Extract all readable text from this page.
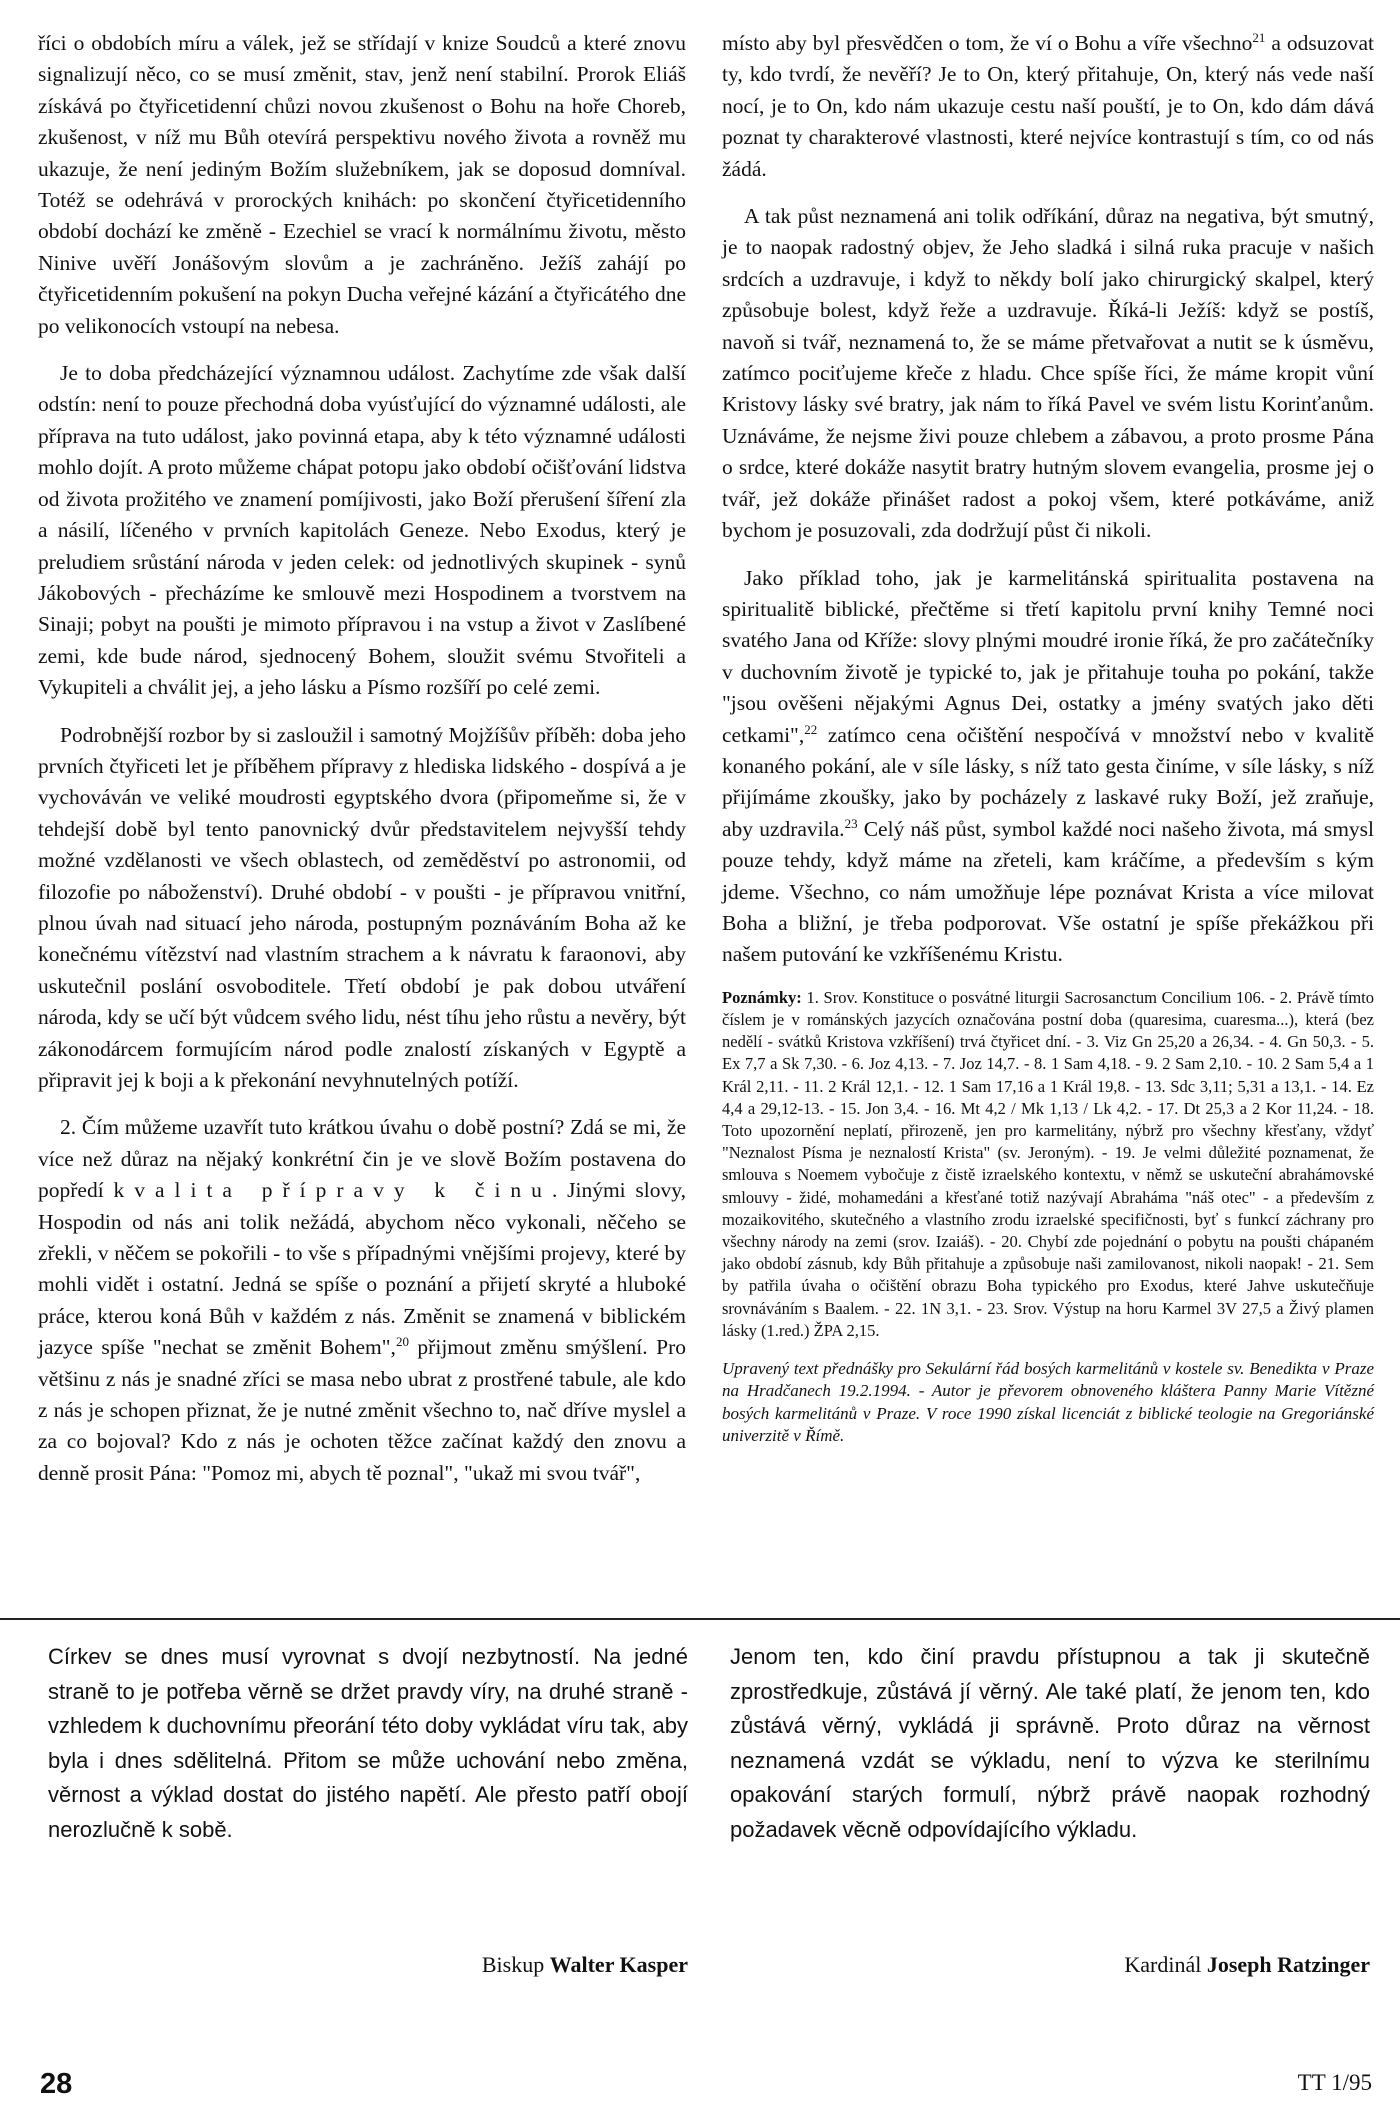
říci o obdobích míru a válek, jež se střídají v knize Soudců a které znovu signalizují něco, co se musí změnit, stav, jenž není stabilní. Prorok Eliáš získává po čtyřicetidenní chůzi novou zkušenost o Bohu na hoře Choreb, zkušenost, v níž mu Bůh otevírá perspektivu nového života a rovněž mu ukazuje, že není jediným Božím služebníkem, jak se doposud domníval. Totéž se odehrává v prorockých knihách: po skončení čtyřicetidenního období dochází ke změně - Ezechiel se vrací k normálnímu životu, město Ninive uvěří Jonášovým slovům a je zachráněno. Ježíš zahájí po čtyřicetidenním pokušení na pokyn Ducha veřejné kázání a čtyřicátého dne po velikonocích vstoupí na nebesa.

Je to doba předcházející významnou událost. Zachytíme zde však další odstín: není to pouze přechodná doba vyúsťující do významné události, ale příprava na tuto událost, jako povinná etapa, aby k této významné události mohlo dojít. A proto můžeme chápat potopu jako období očišťování lidstva od života prožitého ve znamení pomíjivosti, jako Boží přerušení šíření zla a násilí, líčeného v prvních kapitolách Geneze. Nebo Exodus, který je preludiem srůstání národa v jeden celek: od jednotlivých skupinek - synů Jákobových - přecházíme ke smlouvě mezi Hospodinem a tvorstvem na Sinaji; pobyt na poušti je mimoto přípravou i na vstup a život v Zaslíbené zemi, kde bude národ, sjednocený Bohem, sloužit svému Stvořiteli a Vykupiteli a chválit jej, a jeho lásku a Písmo rozšíří po celé zemi.

Podrobnější rozbor by si zasloužil i samotný Mojžíšův příběh: doba jeho prvních čtyřiceti let je příběhem přípravy z hlediska lidského - dospívá a je vychováván ve veliké moudrosti egyptského dvora (připomeňme si, že v tehdejší době byl tento panovnický dvůr představitelem nejvyšší tehdy možné vzdělanosti ve všech oblastech, od zeměděství po astronomii, od filozofie po náboženství). Druhé období - v poušti - je přípravou vnitřní, plnou úvah nad situací jeho národa, postupným poznáváním Boha až ke konečnému vítězství nad vlastním strachem a k návratu k faraonovi, aby uskutečnil poslání osvoboditele. Třetí období je pak dobou utváření národa, kdy se učí být vůdcem svého lidu, nést tíhu jeho růstu a nevěry, být zákonodárcem formujícím národ podle znalostí získaných v Egyptě a připravit jej k boji a k překonání nevyhnutelných potíží.

2. Čím můžeme uzavřít tuto krátkou úvahu o době postní? Zdá se mi, že více než důraz na nějaký konkrétní čin je ve slově Božím postavena do popředí kvalita přípravy k činu. Jinými slovy, Hospodin od nás ani tolik nežádá, abychom něco vykonali, něčeho se zřekli, v něčem se pokořili - to vše s případnými vnějšími projevy, které by mohli vidět i ostatní. Jedná se spíše o poznání a přijetí skryté a hluboké práce, kterou koná Bůh v každém z nás. Změnit se znamená v biblickém jazyce spíše "nechat se změnit Bohem",$^{20}$ přijmout změnu smýšlení. Pro většinu z nás je snadné zříci se masa nebo ubrat z prostřené tabule, ale kdo z nás je schopen přiznat, že je nutné změnit všechno to, nač dříve myslel a za co bojoval? Kdo z nás je ochoten těžce začínat každý den znovu a denně prosit Pána: "Pomoz mi, abych tě poznal", "ukaž mi svou tvář",

místo aby byl přesvědčen o tom, že ví o Bohu a víře všechno$^{21}$ a odsuzovat ty, kdo tvrdí, že nevěří? Je to On, který přitahuje, On, který nás vede naší nocí, je to On, kdo nám ukazuje cestu naší pouští, je to On, kdo dám dává poznat ty charakterové vlastnosti, které nejvíce kontrastují s tím, co od nás žádá.

A tak půst neznamená ani tolik odříkání, důraz na negativa, být smutný, je to naopak radostný objev, že Jeho sladká i silná ruka pracuje v našich srdcích a uzdravuje, i když to někdy bolí jako chirurgický skalpel, který způsobuje bolest, když řeže a uzdravuje. Říká-li Ježíš: když se postíš, navoň si tvář, neznamená to, že se máme přetvařovat a nutit se k úsměvu, zatímco pociťujeme křeče z hladu. Chce spíše říci, že máme kropit vůní Kristovy lásky své bratry, jak nám to říká Pavel ve svém listu Korinťanům. Uznáváme, že nejsme živi pouze chlebem a zábavou, a proto prosme Pána o srdce, které dokáže nasytit bratry hutným slovem evangelia, prosme jej o tvář, jež dokáže přinášet radost a pokoj všem, které potkáváme, aniž bychom je posuzovali, zda dodržují půst či nikoli.

Jako příklad toho, jak je karmelitánská spiritualita postavena na spiritualitě biblické, přečtěme si třetí kapitolu první knihy Temné noci svatého Jana od Kříže: slovy plnými moudré ironie říká, že pro začátečníky v duchovním životě je typické to, jak je přitahuje touha po pokání, takže "jsou ověšeni nějakými Agnus Dei, ostatky a jmény svatých jako děti cetkami",$^{22}$ zatímco cena očištění nespočívá v množství nebo v kvalitě konaného pokání, ale v síle lásky, s níž tato gesta činíme, v síle lásky, s níž přijímáme zkoušky, jako by pocházely z laskavé ruky Boží, jež zraňuje, aby uzdravila.$^{23}$ Celý náš půst, symbol každé noci našeho života, má smysl pouze tehdy, když máme na zřeteli, kam kráčíme, a především s kým jdeme. Všechno, co nám umožňuje lépe poznávat Krista a více milovat Boha a bližní, je třeba podporovat. Vše ostatní je spíše překážkou při našem putování ke vzkříšenému Kristu.

Poznámky: 1. Srov. Konstituce o posvátné liturgii Sacrosanctum Concilium 106. - 2. Právě tímto číslem je v románských jazycích označována postní doba (quaresima, cuaresma...), která (bez nedělí - svátků Kristova vzkříšení) trvá čtyřicet dní. - 3. Viz Gn 25,20 a 26,34. - 4. Gn 50,3. - 5. Ex 7,7 a Sk 7,30. - 6. Joz 4,13. - 7. Joz 14,7. - 8. 1 Sam 4,18. - 9. 2 Sam 2,10. - 10. 2 Sam 5,4 a 1 Král 2,11. - 11. 2 Král 12,1. - 12. 1 Sam 17,16 a 1 Král 19,8. - 13. Sdc 3,11; 5,31 a 13,1. - 14. Ez 4,4 a 29,12-13. - 15. Jon 3,4. - 16. Mt 4,2 / Mk 1,13 / Lk 4,2. - 17. Dt 25,3 a 2 Kor 11,24. - 18. Toto upozornění neplatí, přirozeně, jen pro karmelitány, nýbrž pro všechny křesťany, vždyť "Neznalost Písma je neznalostí Krista" (sv. Jeroným). - 19. Je velmi důležité poznamenat, že smlouva s Noemem vybočuje z čistě izraelského kontextu, v němž se uskuteční abrahámovské smlouvy - židé, mohamedáni a křesťané totiž nazývají Abraháma "náš otec" - a především z mozaikovitého, skutečného a vlastního zrodu izraelské specifičnosti, byť s funkcí záchrany pro všechny národy na zemi (srov. Izaiáš). - 20. Chybí zde pojednání o pobytu na poušti chápaném jako období zásnub, kdy Bůh přitahuje a způsobuje naši zamilovanost, nikoli naopak! - 21. Sem by patřila úvaha o očištění obrazu Boha typického pro Exodus, které Jahve uskutečňuje srovnáváním s Baalem. - 22. 1N 3,1. - 23. Srov. Výstup na horu Karmel 3V 27,5 a Živý plamen lásky (1.red.) ŽPA 2,15.

Upravený text přednášky pro Sekulární řád bosých karmelitánů v kostele sv. Benedikta v Praze na Hradčanech 19.2.1994. - Autor je převorem obnoveného kláštera Panny Marie Vítězné bosých karmelitánů v Praze. V roce 1990 získal licenciát z biblické teologie na Gregoriánské univerzitě v Římě.

Církev se dnes musí vyrovnat s dvojí nezbytností. Na jedné straně to je potřeba věrně se držet pravdy víry, na druhé straně - vzhledem k duchovnímu přeorání této doby vykládat víru tak, aby byla i dnes sdělitelná. Přitom se může uchování nebo změna, věrnost a výklad dostat do jistého napětí. Ale přesto patří obojí nerozlučně k sobě.
Biskup Walter Kasper
Jenom ten, kdo činí pravdu přístupnou a tak ji skutečně zprostředkuje, zůstává jí věrný. Ale také platí, že jenom ten, kdo zůstává věrný, vykládá ji správně. Proto důraz na věrnost neznamená vzdát se výkladu, není to výzva ke sterilnímu opakování starých formulí, nýbrž právě naopak rozhodný požadavek věcně odpovídajícího výkladu.
Kardinál Joseph Ratzinger
28	TT 1/95
